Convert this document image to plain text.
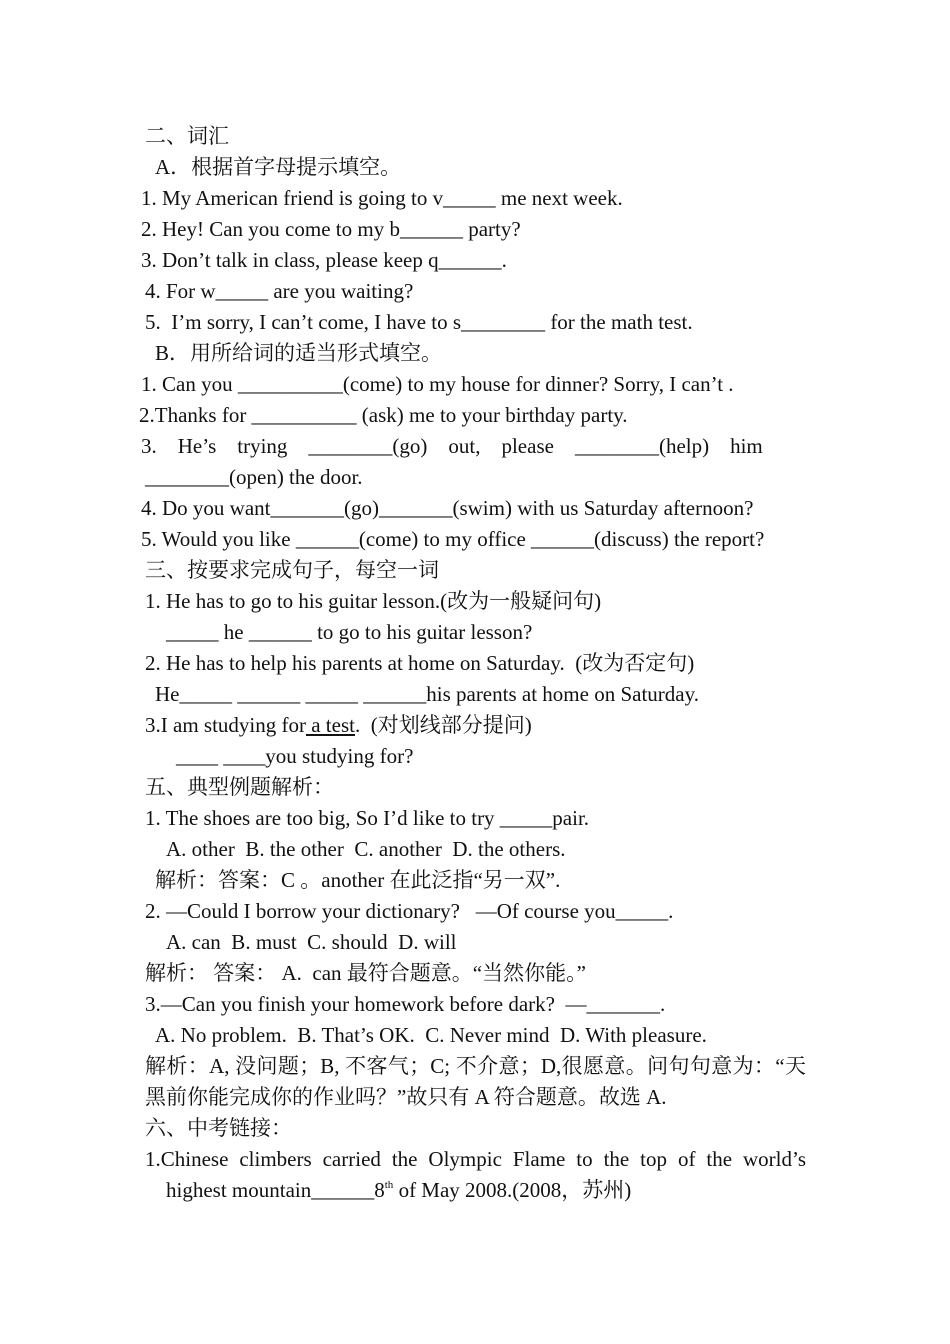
二、词汇
A．根据首字母提示填空。
1. My American friend is going to v_____ me next week.
2. Hey! Can you come to my b______ party?
3. Don’t talk in class, please keep q______.
4. For w_____ are you waiting?
5.  I’m sorry, I can’t come, I have to s________ for the math test.
B．用所给词的适当形式填空。
1. Can you __________(come) to my house for dinner? Sorry, I can’t .
2.Thanks for __________ (ask) me to your birthday party.
3.    He’s    trying    ________(go)    out,    please    ________(help)    him
________(open) the door.
4. Do you want_______(go)_______(swim) with us Saturday afternoon?
5. Would you like ______(come) to my office ______(discuss) the report?
三、按要求完成句子，每空一词
1. He has to go to his guitar lesson.(改为一般疑问句)
_____ he ______ to go to his guitar lesson?
2. He has to help his parents at home on Saturday.  (改为否定句)
He_____ ______ _____ ______his parents at home on Saturday.
3.I am studying for a test.  (对划线部分提问)
____ ____you studying for?
五、典型例题解析：
1. The shoes are too big, So I’d like to try _____pair.
A. other  B. the other  C. another  D. the others.
解析：答案：C 。another 在此泛指“另一双”.
2. —Could I borrow your dictionary?   —Of course you_____.
A. can  B. must  C. should  D. will
解析： 答案： A.  can 最符合题意。“当然你能。”
3.—Can you finish your homework before dark?  —_______.
A. No problem.  B. That’s OK.  C. Never mind  D. With pleasure.
解析：A, 没问题；B, 不客气；C; 不介意；D,很愿意。问句句意为：“天
黑前你能完成你的作业吗？”故只有 A 符合题意。故选 A.
六、中考链接：
1.Chinese climbers carried the Olympic Flame to the top of the world’s
highest mountain______8th of May 2008.(2008，苏州)
